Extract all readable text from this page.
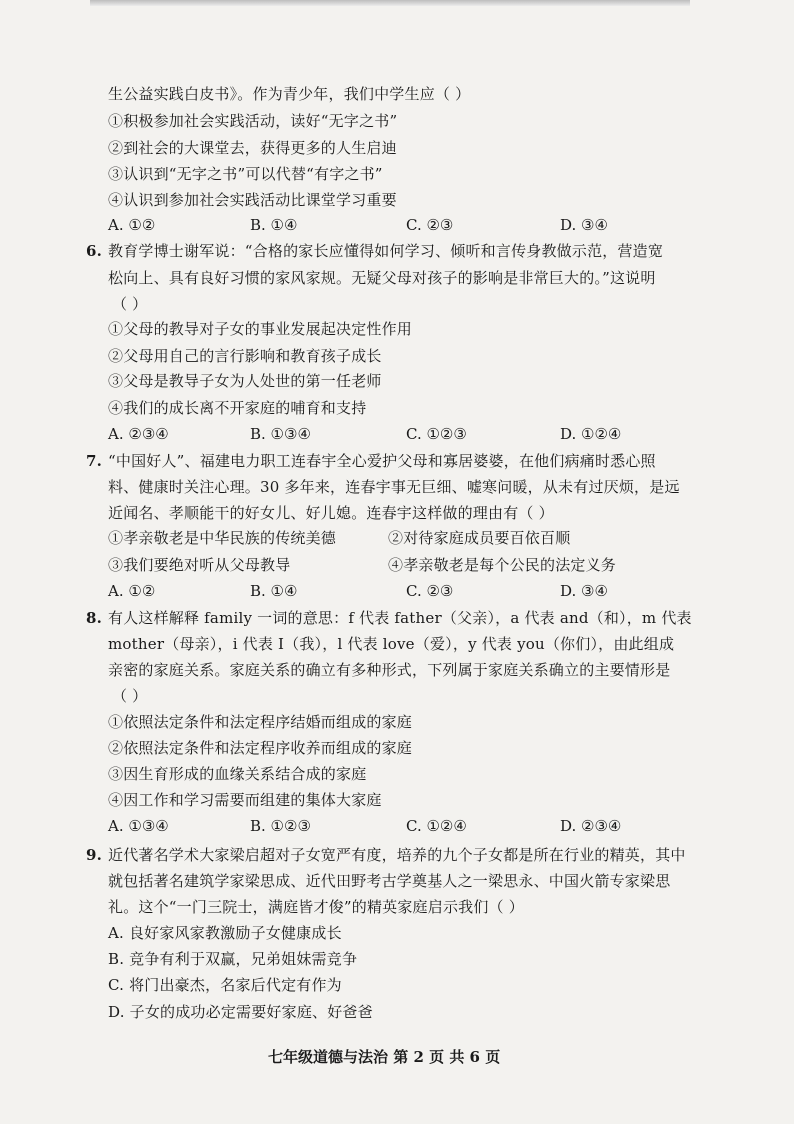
生公益实践白皮书》。作为青少年，我们中学生应（ ）
①积极参加社会实践活动，读好“无字之书”
②到社会的大课堂去，获得更多的人生启迪
③认识到“无字之书”可以代替“有字之书”
④认识到参加社会实践活动比课堂学习重要
A. ①②	B. ①④	C. ②③	D. ③④
6. 教育学博士谢军说：“合格的家长应懂得如何学习、倾听和言传身教做示范，营造宽
松向上、具有良好习惯的家风家规。无疑父母对孩子的影响是非常巨大的。”这说明
（ ）
①父母的教导对子女的事业发展起决定性作用
②父母用自己的言行影响和教育孩子成长
③父母是教导子女为人处世的第一任老师
④我们的成长离不开家庭的哺育和支持
A. ②③④	B. ①③④	C. ①②③	D. ①②④
7. “中国好人”、福建电力职工连春宇全心爱护父母和寡居婆婆，在他们病痛时悉心照
料、健康时关注心理。30 多年来，连春宇事无巨细、嘘寒问暖，从未有过厌烦，是远
近闻名、孝顺能干的好女儿、好儿媳。连春宇这样做的理由有（ ）
①孝亲敬老是中华民族的传统美德	②对待家庭成员要百依百顺
③我们要绝对听从父母教导	④孝亲敬老是每个公民的法定义务
A. ①②	B. ①④	C. ②③	D. ③④
8. 有人这样解释 family 一词的意思：f 代表 father（父亲），a 代表 and（和），m 代表
mother（母亲），i 代表 I（我），l 代表 love（爱），y 代表 you（你们），由此组成
亲密的家庭关系。家庭关系的确立有多种形式，下列属于家庭关系确立的主要情形是
（ ）
①依照法定条件和法定程序结婚而组成的家庭
②依照法定条件和法定程序收养而组成的家庭
③因生育形成的血缘关系结合成的家庭
④因工作和学习需要而组建的集体大家庭
A. ①③④	B. ①②③	C. ①②④	D. ②③④
9. 近代著名学术大家梁启超对子女宽严有度，培养的九个子女都是所在行业的精英，其中
就包括著名建筑学家梁思成、近代田野考古学奠基人之一梁思永、中国火箭专家梁思
礼。这个“一门三院士，满庭皆才俊”的精英家庭启示我们（ ）
A. 良好家风家教激励子女健康成长
B. 竞争有利于双赢，兄弟姐妹需竞争
C. 将门出豪杰，名家后代定有作为
D. 子女的成功必定需要好家庭、好爸爸
七年级道德与法治 第 2 页 共 6 页
